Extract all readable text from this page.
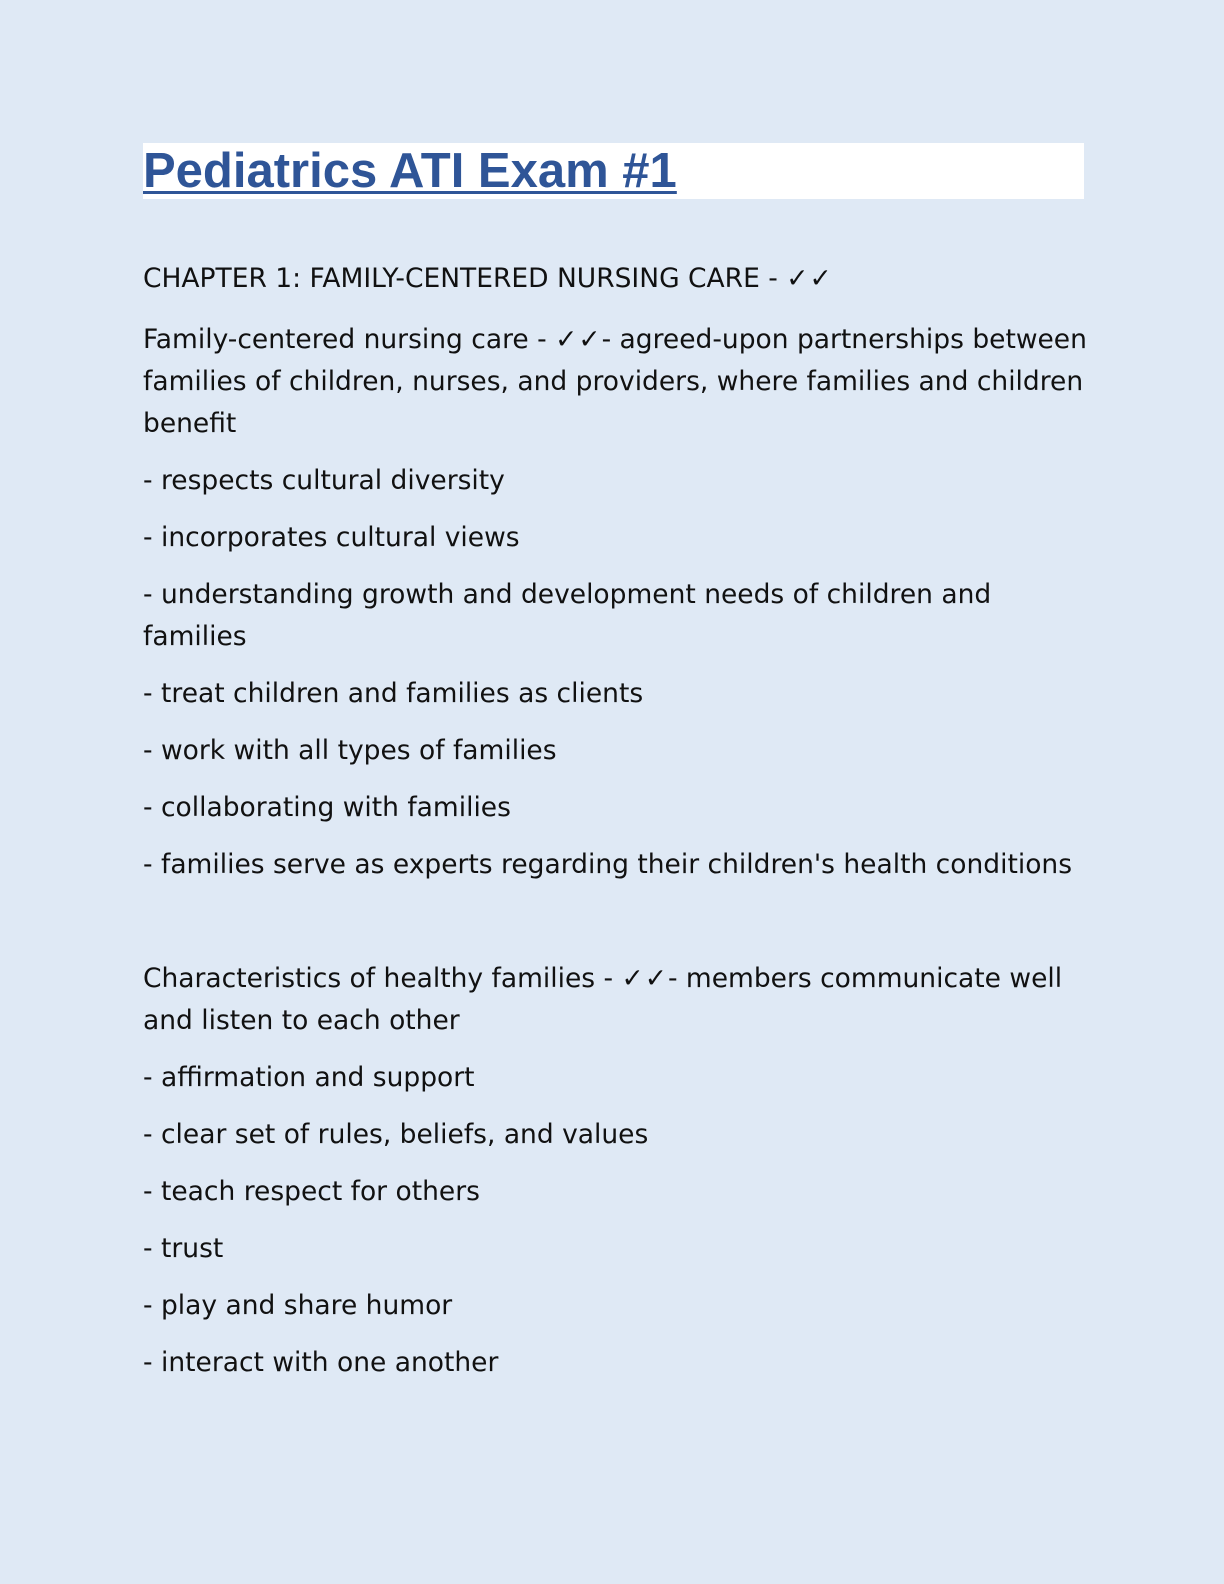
Pediatrics ATI Exam #1

CHAPTER 1: FAMILY-CENTERED NURSING CARE - ✓✓

Family-centered nursing care - ✓✓- agreed-upon partnerships between

families of children, nurses, and providers, where families and children

benefit

- respects cultural diversity

- incorporates cultural views

- understanding growth and development needs of children and

families

- treat children and families as clients

- work with all types of families

- collaborating with families

- families serve as experts regarding their children's health conditions

Characteristics of healthy families - ✓✓- members communicate well

and listen to each other

- affirmation and support

- clear set of rules, beliefs, and values

- teach respect for others

- trust

- play and share humor

- interact with one another
